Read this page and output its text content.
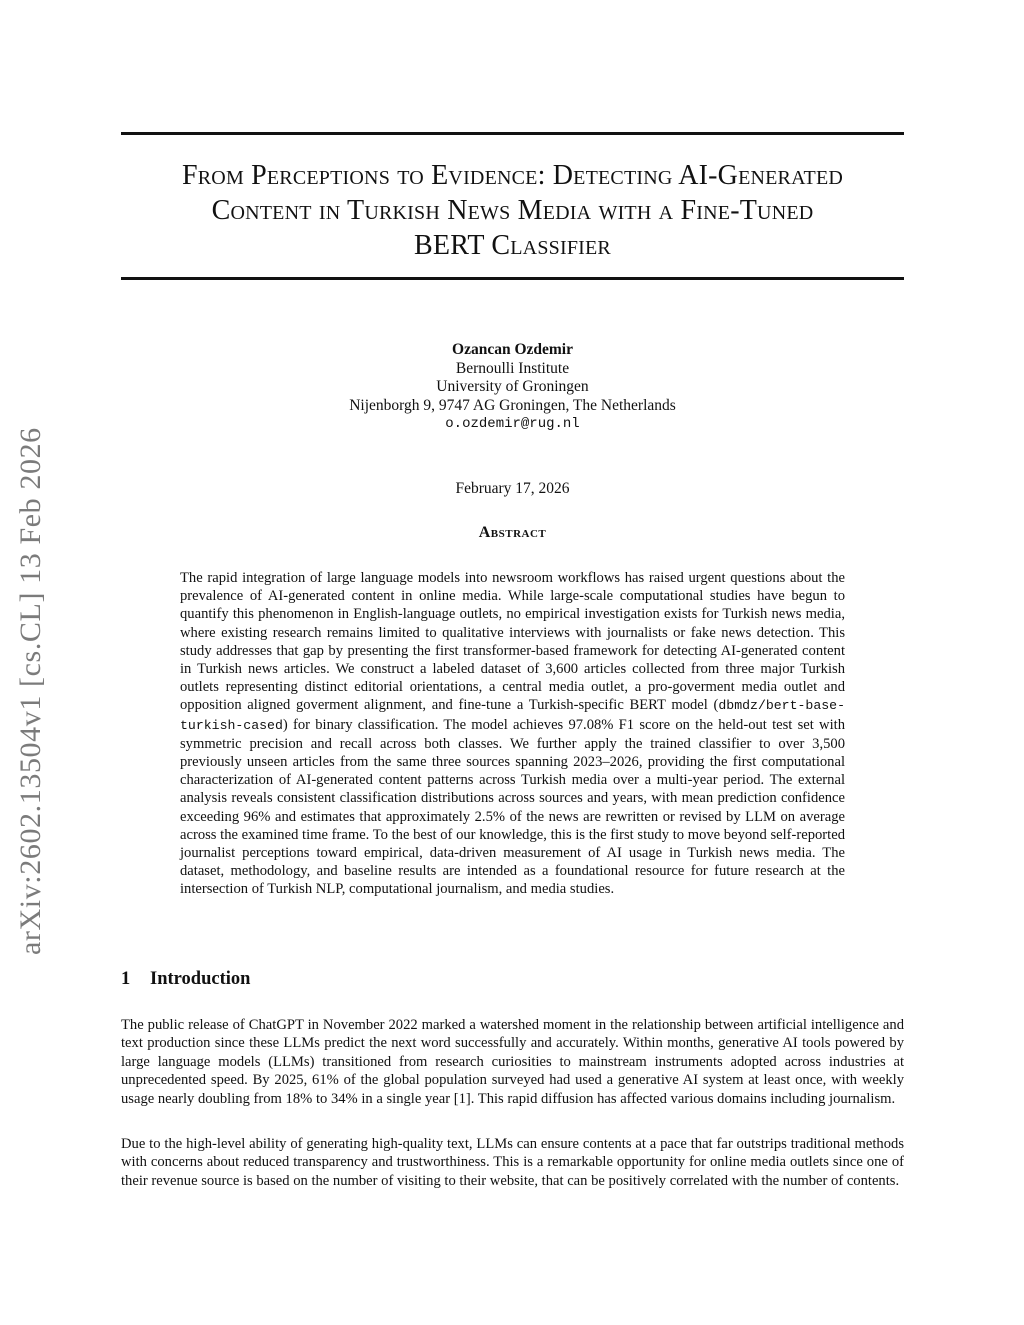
arXiv:2602.13504v1 [cs.CL] 13 Feb 2026
From Perceptions to Evidence: Detecting AI-Generated
Content in Turkish News Media with a Fine-Tuned
BERT Classifier
Ozancan Ozdemir
Bernoulli Institute
University of Groningen
Nijenborgh 9, 9747 AG Groningen, The Netherlands
o.ozdemir@rug.nl
February 17, 2026
Abstract

The rapid integration of large language models into newsroom workflows has raised urgent questions about the prevalence of AI-generated content in online media. While large-scale computational studies have begun to quantify this phenomenon in English-language outlets, no empirical investigation exists for Turkish news media, where existing research remains limited to qualitative interviews with journalists or fake news detection. This study addresses that gap by presenting the first transformer-based framework for detecting AI-generated content in Turkish news articles. We construct a labeled dataset of 3,600 articles collected from three major Turkish outlets representing distinct editorial orientations, a central media outlet, a pro-goverment media outlet and opposition aligned goverment alignment, and fine-tune a Turkish-specific BERT model (dbmdz/bert-base-turkish-cased) for binary classification. The model achieves 97.08% F1 score on the held-out test set with symmetric precision and recall across both classes. We further apply the trained classifier to over 3,500 previously unseen articles from the same three sources spanning 2023–2026, providing the first computational characterization of AI-generated content patterns across Turkish media over a multi-year period. The external analysis reveals consistent classification distributions across sources and years, with mean prediction confidence exceeding 96% and estimates that approximately 2.5% of the news are rewritten or revised by LLM on average across the examined time frame. To the best of our knowledge, this is the first study to move beyond self-reported journalist perceptions toward empirical, data-driven measurement of AI usage in Turkish news media. The dataset, methodology, and baseline results are intended as a foundational resource for future research at the intersection of Turkish NLP, computational journalism, and media studies.

1 Introduction

The public release of ChatGPT in November 2022 marked a watershed moment in the relationship between artificial intelligence and text production since these LLMs predict the next word successfully and accurately. Within months, generative AI tools powered by large language models (LLMs) transitioned from research curiosities to mainstream instruments adopted across industries at unprecedented speed. By 2025, 61% of the global population surveyed had used a generative AI system at least once, with weekly usage nearly doubling from 18% to 34% in a single year [1]. This rapid diffusion has affected various domains including journalism.

Due to the high-level ability of generating high-quality text, LLMs can ensure contents at a pace that far outstrips traditional methods with concerns about reduced transparency and trustworthiness. This is a remarkable opportunity for online media outlets since one of their revenue source is based on the number of visiting to their website, that can be positively correlated with the number of contents.
